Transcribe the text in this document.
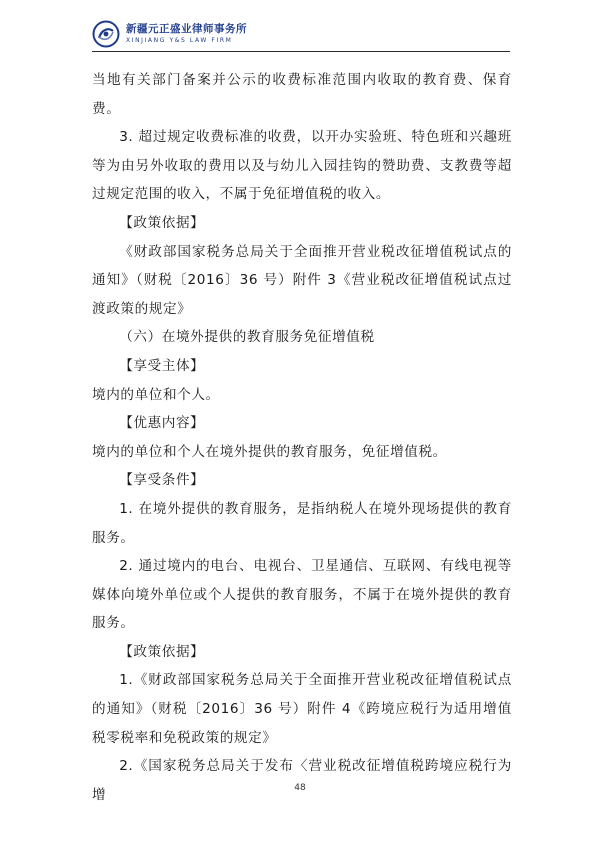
新疆元正盛业律师事务所
XINJIANG Y&S LAW FIRM

当地有关部门备案并公示的收费标准范围内收取的教育费、保育费。

3. 超过规定收费标准的收费，以开办实验班、特色班和兴趣班等为由另外收取的费用以及与幼儿入园挂钩的赞助费、支教费等超过规定范围的收入，不属于免征增值税的收入。

【政策依据】

《财政部国家税务总局关于全面推开营业税改征增值税试点的通知》（财税〔2016〕36 号）附件 3《营业税改征增值税试点过渡政策的规定》

（六）在境外提供的教育服务免征增值税

【享受主体】

境内的单位和个人。

【优惠内容】

境内的单位和个人在境外提供的教育服务，免征增值税。

【享受条件】

1. 在境外提供的教育服务，是指纳税人在境外现场提供的教育服务。

2. 通过境内的电台、电视台、卫星通信、互联网、有线电视等媒体向境外单位或个人提供的教育服务，不属于在境外提供的教育服务。

【政策依据】

1.《财政部国家税务总局关于全面推开营业税改征增值税试点的通知》（财税〔2016〕36 号）附件 4《跨境应税行为适用增值税零税率和免税政策的规定》

2.《国家税务总局关于发布〈营业税改征增值税跨境应税行为增	48
